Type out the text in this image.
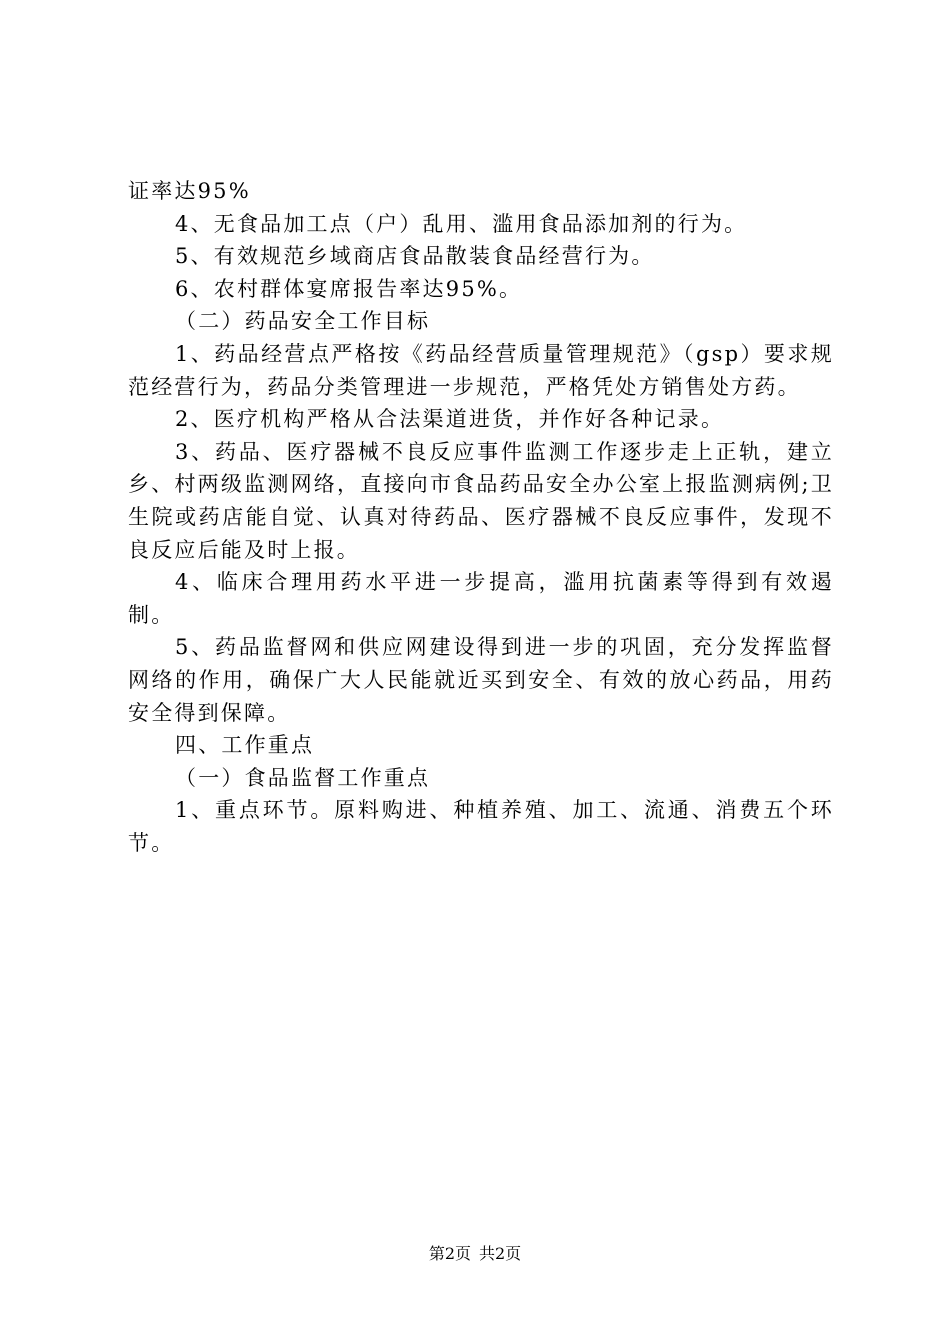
证率达95%

4、无食品加工点（户）乱用、滥用食品添加剂的行为。

5、有效规范乡域商店食品散装食品经营行为。

6、农村群体宴席报告率达95%。

（二）药品安全工作目标

1、药品经营点严格按《药品经营质量管理规范》（gsp）要求规范经营行为，药品分类管理进一步规范，严格凭处方销售处方药。

2、医疗机构严格从合法渠道进货，并作好各种记录。

3、药品、医疗器械不良反应事件监测工作逐步走上正轨，建立乡、村两级监测网络，直接向市食品药品安全办公室上报监测病例;卫生院或药店能自觉、认真对待药品、医疗器械不良反应事件，发现不良反应后能及时上报。

4、临床合理用药水平进一步提高，滥用抗菌素等得到有效遏制。

5、药品监督网和供应网建设得到进一步的巩固，充分发挥监督网络的作用，确保广大人民能就近买到安全、有效的放心药品，用药安全得到保障。

四、工作重点

（一）食品监督工作重点

1、重点环节。原料购进、种植养殖、加工、流通、消费五个环节。

第2页 共2页
